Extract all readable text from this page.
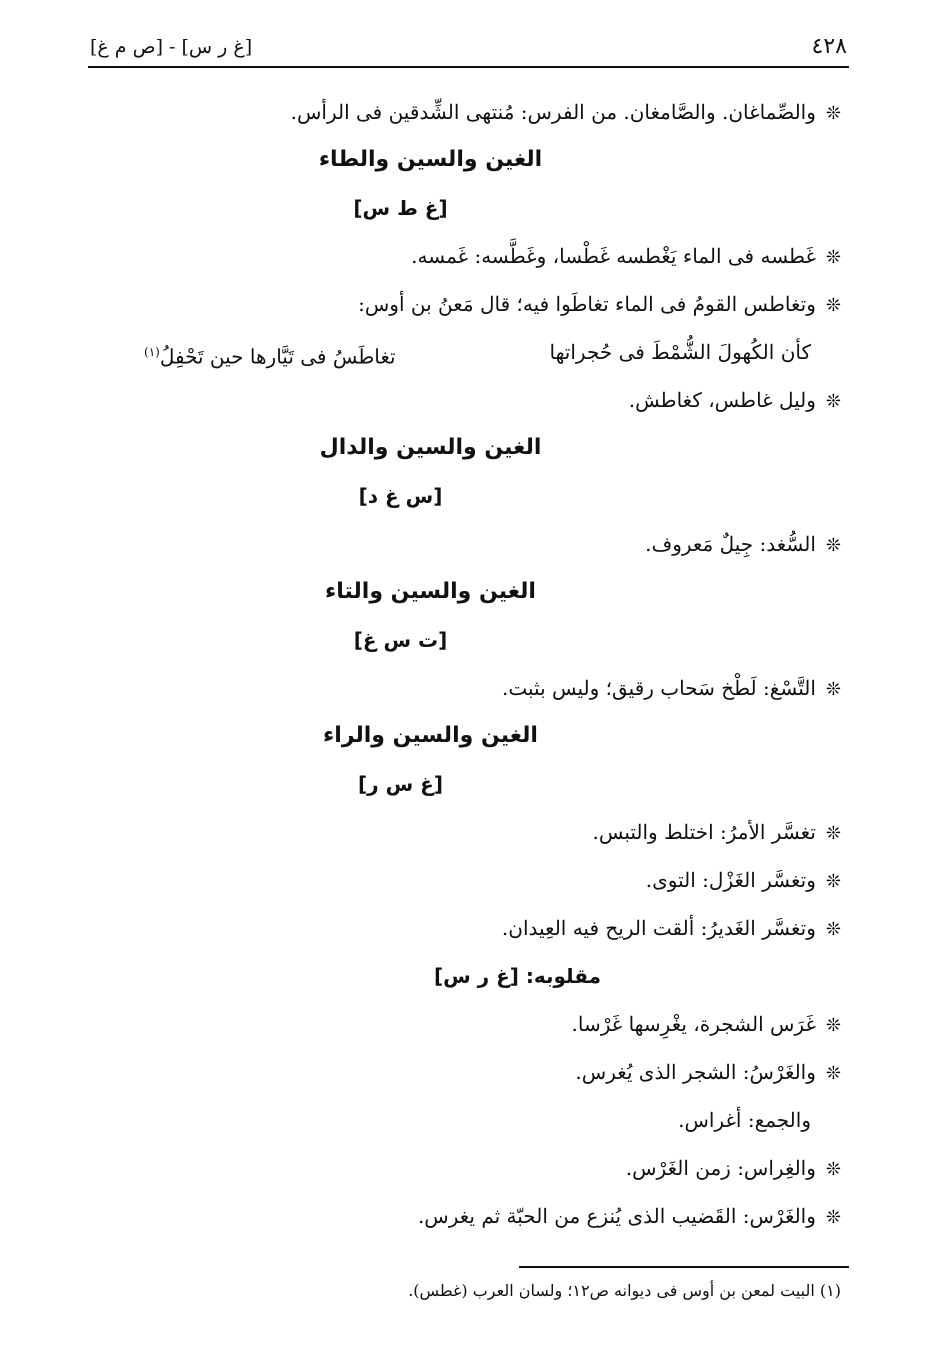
[ص م غ] - [غ ر س]	٤٢٨
❊والصِّماغان. والصَّامغان. من الفرس: مُنتهى الشِّدقين فى الرأس.
الغين والسين والطاء
[غ ط س]
❊غَطسه فى الماء يَغْطسه غَطْسا، وغَطَّسه: غَمسه.
❊وتغاطس القومُ فى الماء تغاطَوا فيه؛ قال مَعنُ بن أوس:
كأن الكُهولَ الشُّمْطَ فى حُجراتها
تغاطَسُ فى تَيَّارها حين تَحْفِلُ$^{(١)}$
❊وليل غاطس، كغاطش.
الغين والسين والدال
[س غ د]
❊السُّغد: جِيلٌ مَعروف.
الغين والسين والتاء
[ت س غ]
❊التَّسْغ: لَطْخ سَحاب رقيق؛ وليس بثبت.
الغين والسين والراء
[غ س ر]
❊تغسَّر الأمرُ: اختلط والتبس.
❊وتغسَّر الغَزْل: التوى.
❊وتغسَّر الغَديرُ: ألقت الريح فيه العِيدان.
مقلوبه: [غ ر س]
❊غَرَس الشجرة، يغْرِسها غَرْسا.
❊والغَرْسُ: الشجر الذى يُغرس.
والجمع: أغراس.
❊والغِراس: زمن الغَرْس.
❊والغَرْس: القَضيب الذى يُنزع من الحبّة ثم يغرس.
(١) البيت لمعن بن أوس فى ديوانه ص١٢؛ ولسان العرب (غطس).
